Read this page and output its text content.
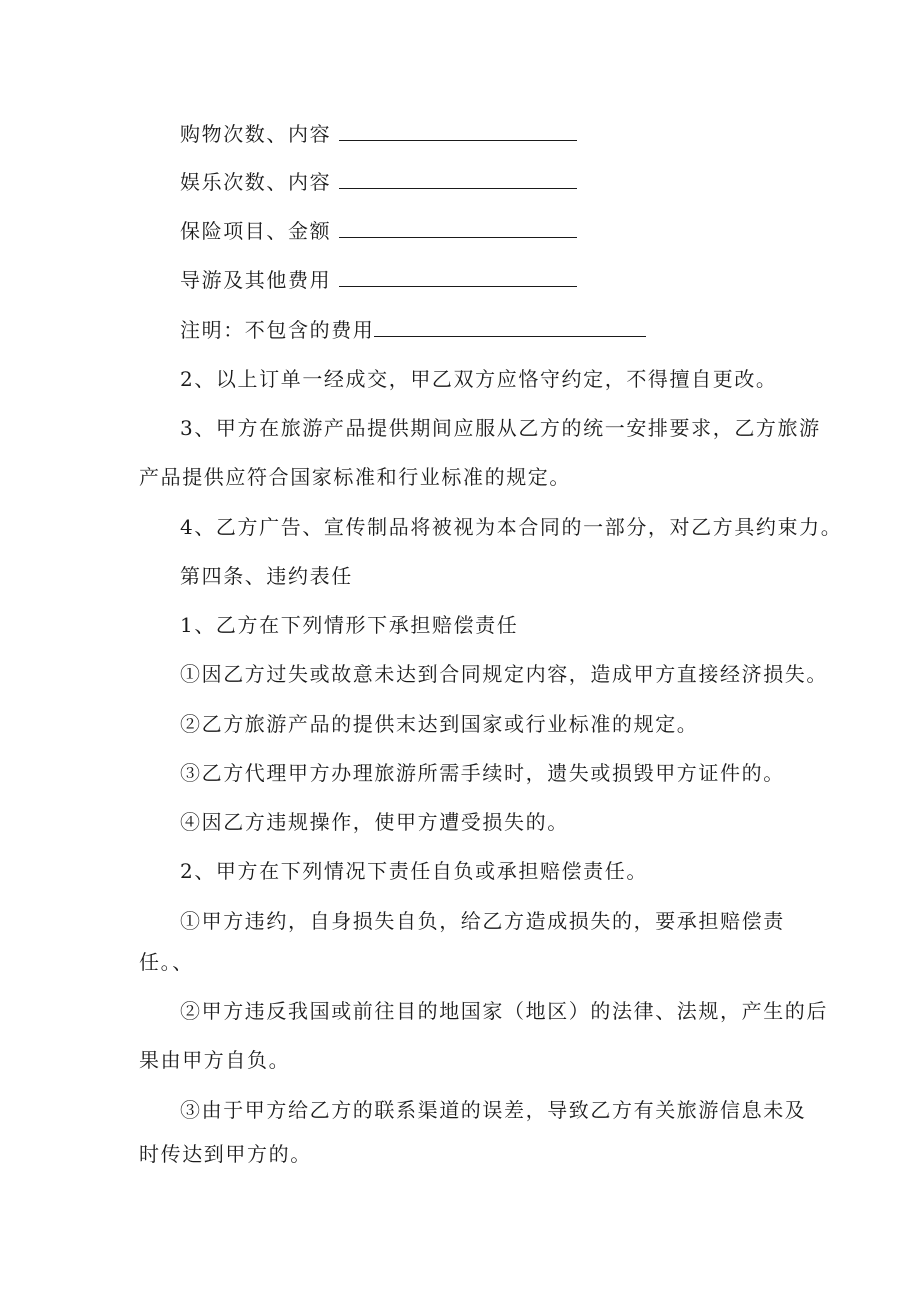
购物次数、内容
娱乐次数、内容
保险项目、金额
导游及其他费用
注明：不包含的费用
2、以上订单一经成交，甲乙双方应恪守约定，不得擅自更改。
3、甲方在旅游产品提供期间应服从乙方的统一安排要求，乙方旅游
产品提供应符合国家标准和行业标准的规定。
4、乙方广告、宣传制品将被视为本合同的一部分，对乙方具约束力。
第四条、违约表任
1、乙方在下列情形下承担赔偿责任
①因乙方过失或故意未达到合同规定内容，造成甲方直接经济损失。
②乙方旅游产品的提供末达到国家或行业标准的规定。
③乙方代理甲方办理旅游所需手续时，遗失或损毁甲方证件的。
④因乙方违规操作，使甲方遭受损失的。
2、甲方在下列情况下责任自负或承担赔偿责任。
①甲方违约，自身损失自负，给乙方造成损失的，要承担赔偿责
任。、
②甲方违反我国或前往目的地国家（地区）的法律、法规，产生的后
果由甲方自负。
③由于甲方给乙方的联系渠道的误差，导致乙方有关旅游信息未及
时传达到甲方的。
